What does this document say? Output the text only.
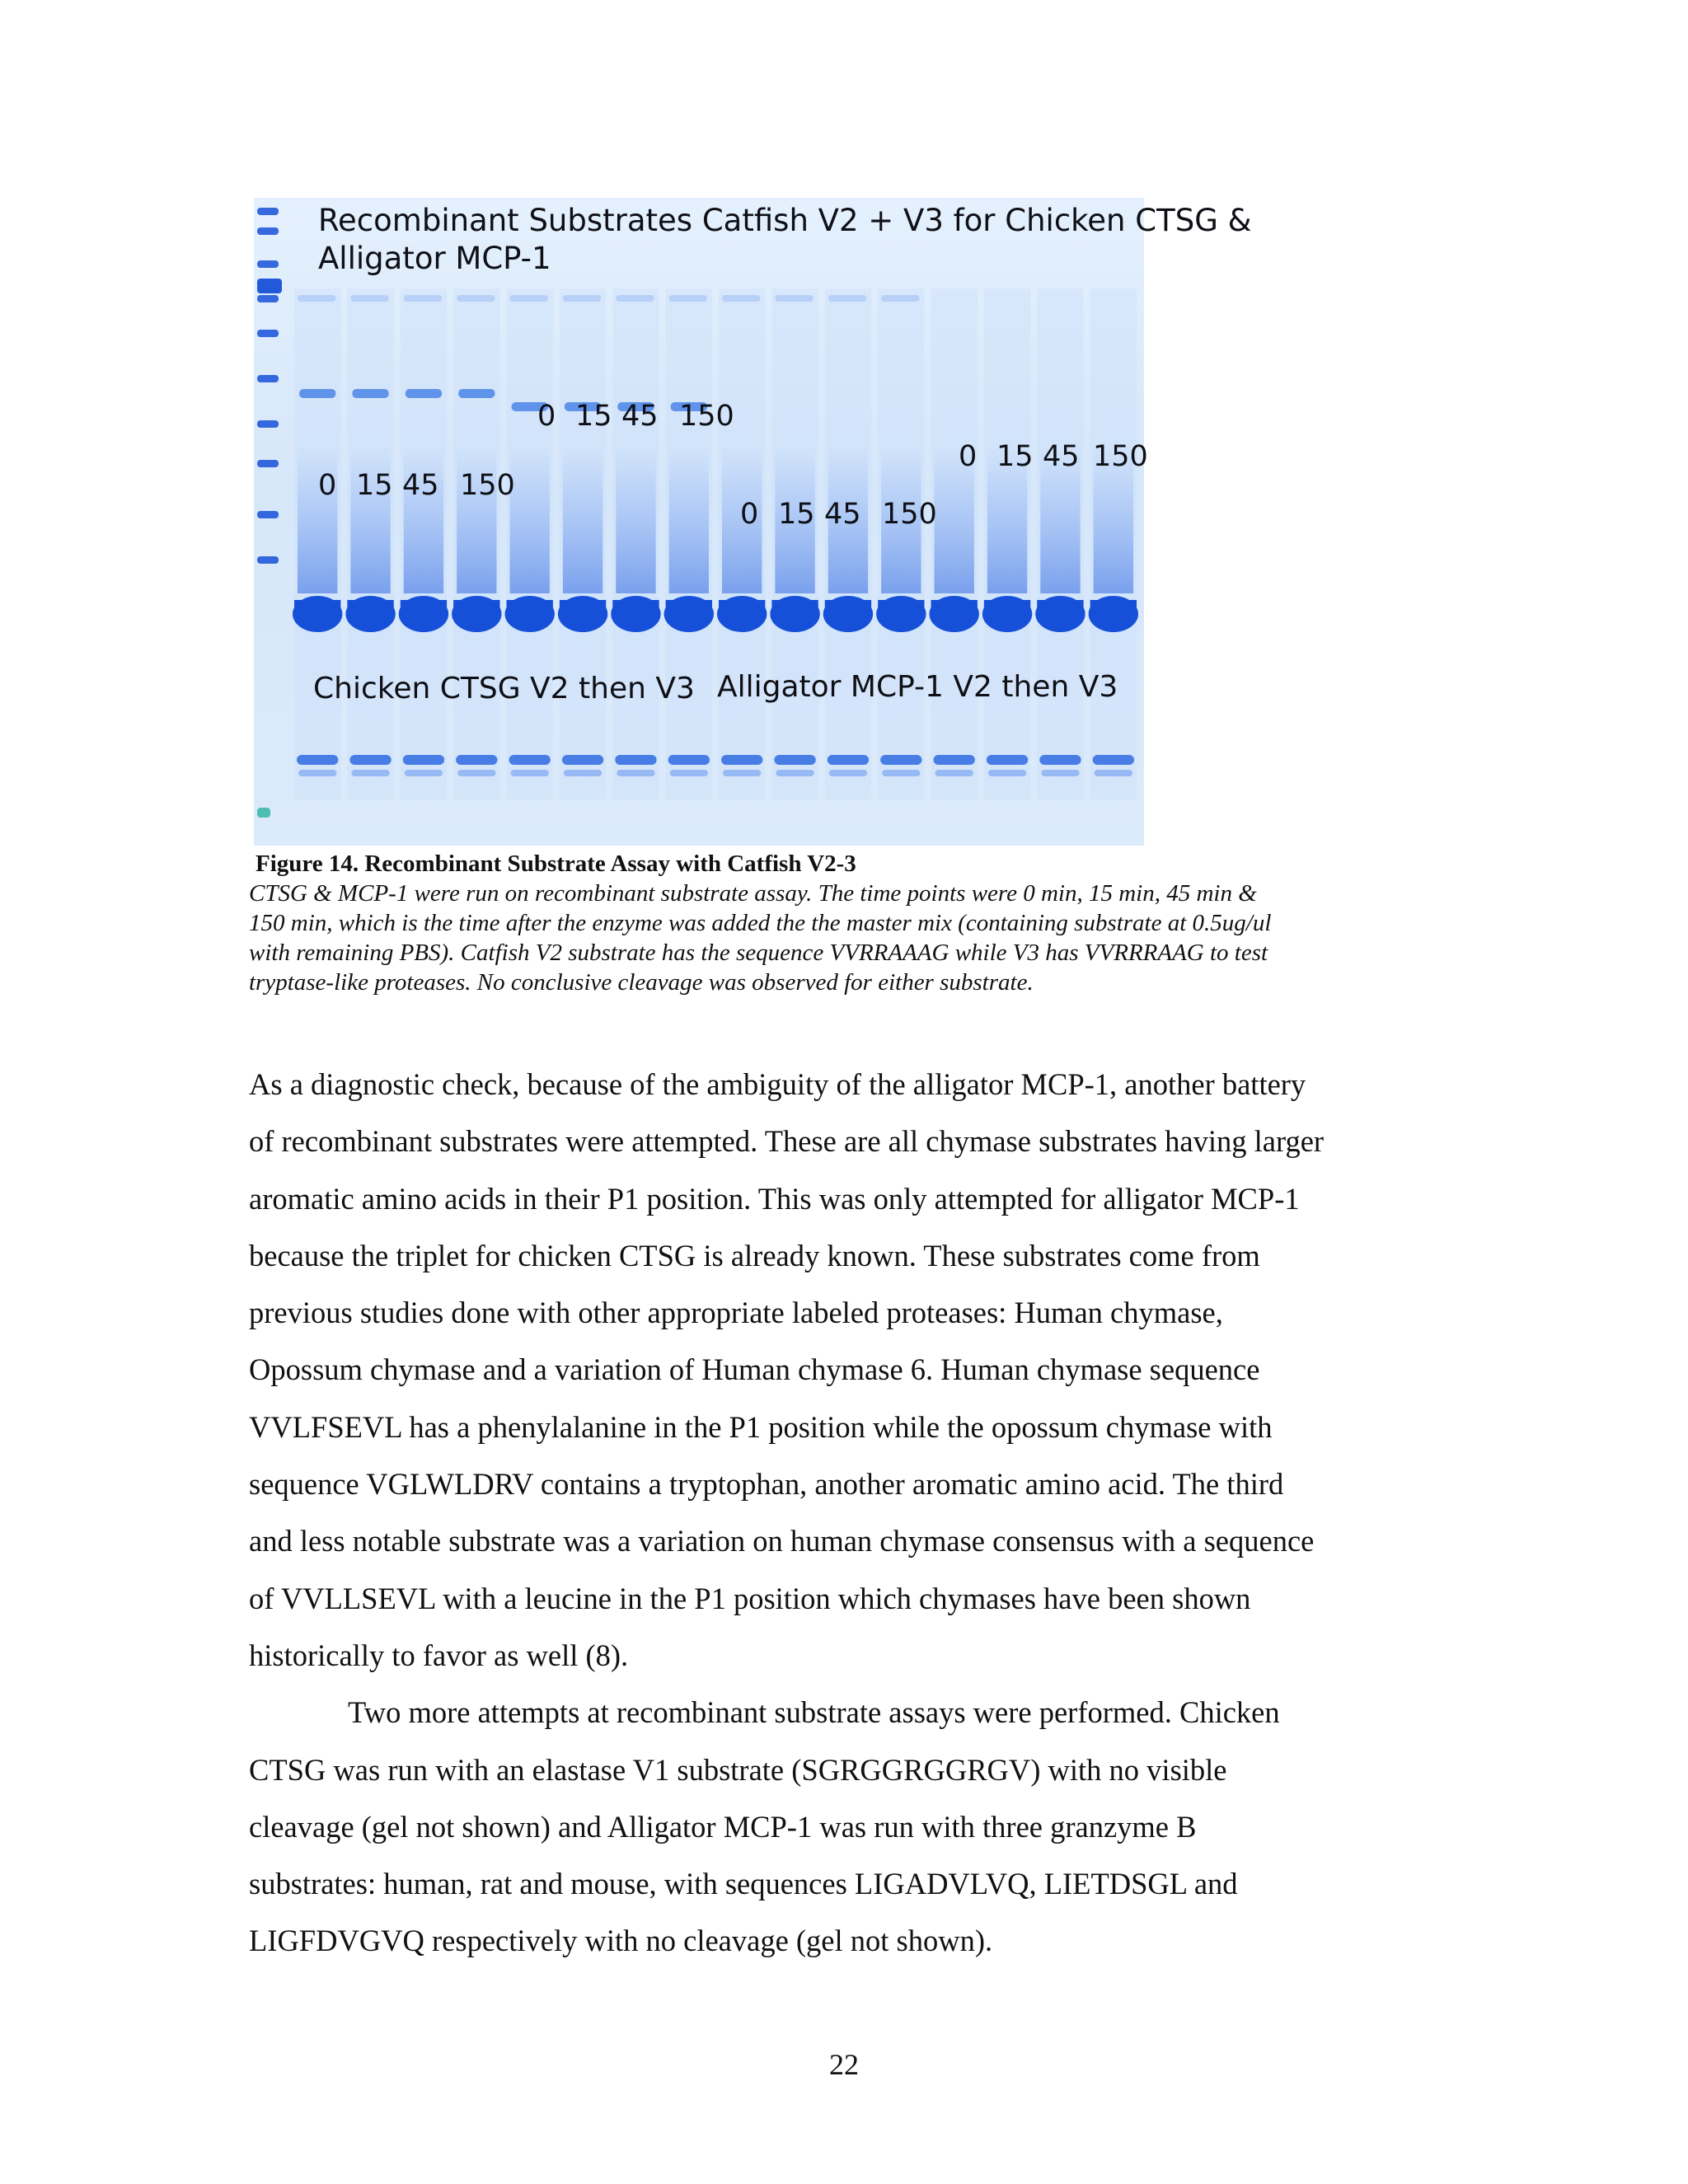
Recombinant Substrates Catfish V2 + V3 for Chicken CTSG &
Alligator MCP-1
0 15 45 150
0 15 45 150
0 15 45 150
0 15 45 150
Chicken CTSG V2 then V3 Alligator MCP-1 V2 then V3
Figure 14. Recombinant Substrate Assay with Catfish V2-3

CTSG & MCP-1 were run on recombinant substrate assay. The time points were 0 min, 15 min, 45 min &

150 min, which is the time after the enzyme was added the the master mix (containing substrate at 0.5ug/ul

with remaining PBS). Catfish V2 substrate has the sequence VVRRAAAG while V3 has VVRRRAAG to test

tryptase-like proteases. No conclusive cleavage was observed for either substrate.

As a diagnostic check, because of the ambiguity of the alligator MCP-1, another battery

of recombinant substrates were attempted. These are all chymase substrates having larger

aromatic amino acids in their P1 position. This was only attempted for alligator MCP-1

because the triplet for chicken CTSG is already known. These substrates come from

previous studies done with other appropriate labeled proteases: Human chymase,

Opossum chymase and a variation of Human chymase 6. Human chymase sequence

VVLFSEVL has a phenylalanine in the P1 position while the opossum chymase with

sequence VGLWLDRV contains a tryptophan, another aromatic amino acid. The third

and less notable substrate was a variation on human chymase consensus with a sequence

of VVLLSEVL with a leucine in the P1 position which chymases have been shown

historically to favor as well (8).

Two more attempts at recombinant substrate assays were performed. Chicken

CTSG was run with an elastase V1 substrate (SGRGGRGGRGV) with no visible

cleavage (gel not shown) and Alligator MCP-1 was run with three granzyme B

substrates: human, rat and mouse, with sequences LIGADVLVQ, LIETDSGL and

LIGFDVGVQ respectively with no cleavage (gel not shown).

22
